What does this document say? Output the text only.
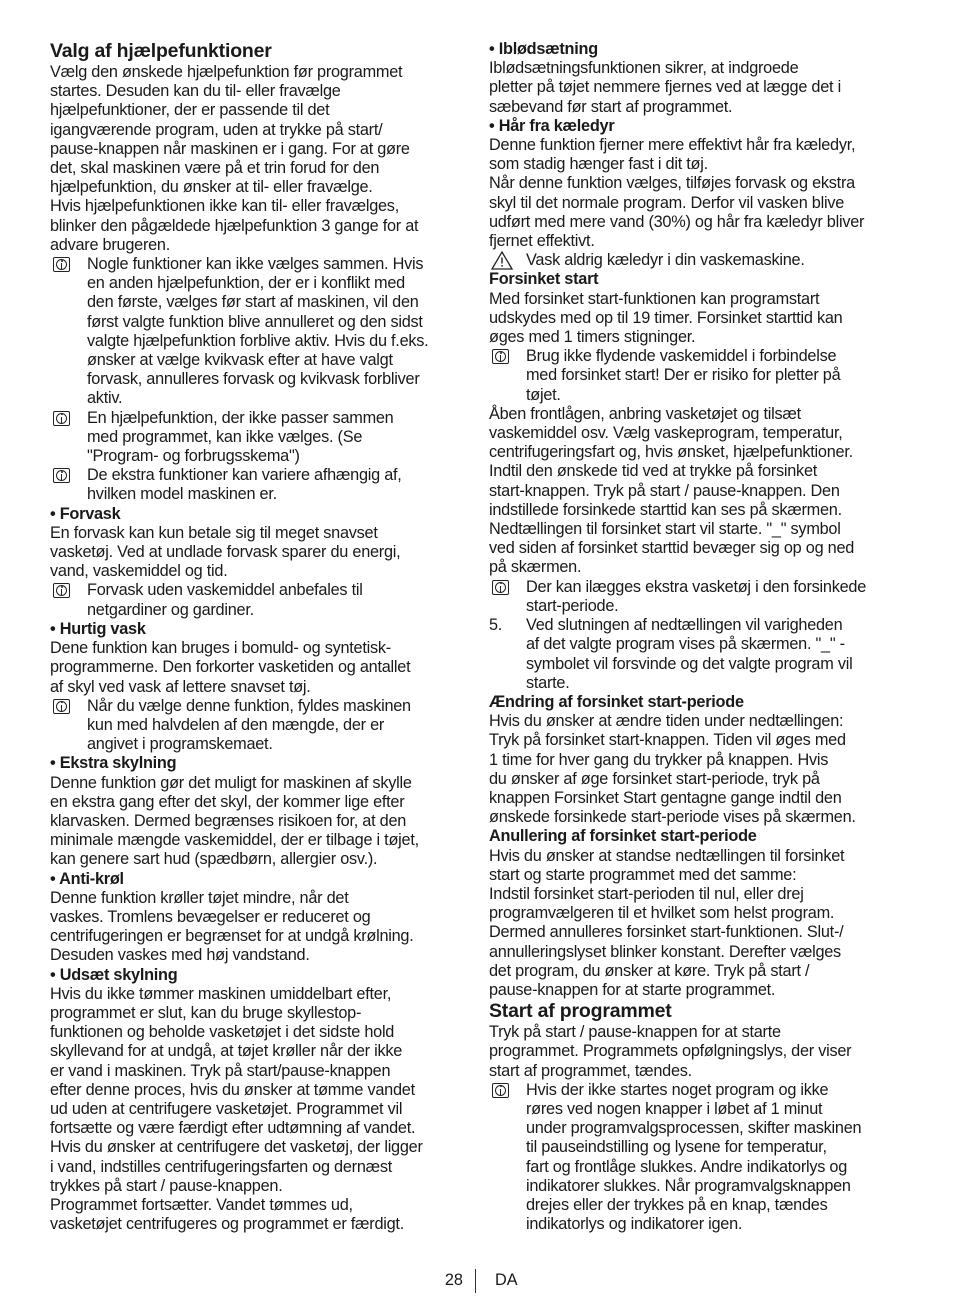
Valg af hjælpefunktioner

Vælg den ønskede hjælpefunktion før programmet
startes. Desuden kan du til- eller fravælge
hjælpefunktioner, der er passende til det
igangværende program, uden at trykke på start/
pause-knappen når maskinen er i gang. For at gøre
det, skal maskinen være på et trin forud for den
hjælpefunktion, du ønsker at til- eller fravælge.
Hvis hjælpefunktionen ikke kan til- eller fravælges,
blinker den pågældede hjælpefunktion 3 gange for at
advare brugeren.

Nogle funktioner kan ikke vælges sammen. Hvis
en anden hjælpefunktion, der er i konflikt med
den første, vælges før start af maskinen, vil den
først valgte funktion blive annulleret og den sidst
valgte hjælpefunktion forblive aktiv. Hvis du f.eks.
ønsker at vælge kvikvask efter at have valgt
forvask, annulleres forvask og kvikvask forbliver
aktiv.

En hjælpefunktion, der ikke passer sammen
med programmet, kan ikke vælges. (Se
"Program- og forbrugsskema")

De ekstra funktioner kan variere afhængig af,
hvilken model maskinen er.

• Forvask

En forvask kan kun betale sig til meget snavset
vasketøj. Ved at undlade forvask sparer du energi,
vand, vaskemiddel og tid.

Forvask uden vaskemiddel anbefales til
netgardiner og gardiner.

• Hurtig vask

Dene funktion kan bruges i bomuld- og syntetisk-
programmerne. Den forkorter vasketiden og antallet
af skyl ved vask af lettere snavset tøj.

Når du vælge denne funktion, fyldes maskinen
kun med halvdelen af den mængde, der er
angivet i programskemaet.

• Ekstra skylning

Denne funktion gør det muligt for maskinen af skylle
en ekstra gang efter det skyl, der kommer lige efter
klarvasken. Dermed begrænses risikoen for, at den
minimale mængde vaskemiddel, der er tilbage i tøjet,
kan genere sart hud (spædbørn, allergier osv.).

• Anti-krøl

Denne funktion krøller tøjet mindre, når det
vaskes. Tromlens bevægelser er reduceret og
centrifugeringen er begrænset for at undgå krølning.
Desuden vaskes med høj vandstand.

• Udsæt skylning

Hvis du ikke tømmer maskinen umiddelbart efter,
programmet er slut, kan du bruge skyllestop-
funktionen og beholde vasketøjet i det sidste hold
skyllevand for at undgå, at tøjet krøller når der ikke
er vand i maskinen. Tryk på start/pause-knappen
efter denne proces, hvis du ønsker at tømme vandet
ud uden at centrifugere vasketøjet. Programmet vil
fortsætte og være færdigt efter udtømning af vandet.
Hvis du ønsker at centrifugere det vasketøj, der ligger
i vand, indstilles centrifugeringsfarten og dernæst
trykkes på start / pause-knappen.
Programmet fortsætter. Vandet tømmes ud,
vasketøjet centrifugeres og programmet er færdigt.

• Iblødsætning

Iblødsætningsfunktionen sikrer, at indgroede
pletter på tøjet nemmere fjernes ved at lægge det i
sæbevand før start af programmet.

• Hår fra kæledyr

Denne funktion fjerner mere effektivt hår fra kæledyr,
som stadig hænger fast i dit tøj.
Når denne funktion vælges, tilføjes forvask og ekstra
skyl til det normale program. Derfor vil vasken blive
udført med mere vand (30%) og hår fra kæledyr bliver
fjernet effektivt.

Vask aldrig kæledyr i din vaskemaskine.

Forsinket start

Med forsinket start-funktionen kan programstart
udskydes med op til 19 timer. Forsinket starttid kan
øges med 1 timers stigninger.

Brug ikke flydende vaskemiddel i forbindelse
med forsinket start! Der er risiko for pletter på
tøjet.

Åben frontlågen, anbring vasketøjet og tilsæt
vaskemiddel osv. Vælg vaskeprogram, temperatur,
centrifugeringsfart og, hvis ønsket, hjælpefunktioner.
Indtil den ønskede tid ved at trykke på forsinket
start-knappen. Tryk på start / pause-knappen. Den
indstillede forsinkede starttid kan ses på skærmen.
Nedtællingen til forsinket start vil starte. "_" symbol
ved siden af forsinket starttid bevæger sig op og ned
på skærmen.

Der kan ilægges ekstra vasketøj i den forsinkede
start-periode.

5. Ved slutningen af nedtællingen vil varigheden
af det valgte program vises på skærmen. "_" -
symbolet vil forsvinde og det valgte program vil
starte.

Ændring af forsinket start-periode

Hvis du ønsker at ændre tiden under nedtællingen:
Tryk på forsinket start-knappen. Tiden vil øges med
1 time for hver gang du trykker på knappen. Hvis
du ønsker af øge forsinket start-periode, tryk på
knappen Forsinket Start gentagne gange indtil den
ønskede forsinkede start-periode vises på skærmen.

Anullering af forsinket start-periode

Hvis du ønsker at standse nedtællingen til forsinket
start og starte programmet med det samme:
Indstil forsinket start-perioden til nul, eller drej
programvælgeren til et hvilket som helst program.
Dermed annulleres forsinket start-funktionen. Slut-/
annulleringslyset blinker konstant. Derefter vælges
det program, du ønsker at køre. Tryk på start /
pause-knappen for at starte programmet.

Start af programmet

Tryk på start / pause-knappen for at starte
programmet. Programmets opfølgningslys, der viser
start af programmet, tændes.

Hvis der ikke startes noget program og ikke
røres ved nogen knapper i løbet af 1 minut
under programvalgsprocessen, skifter maskinen
til pauseindstilling og lysene for temperatur,
fart og frontlåge slukkes. Andre indikatorlys og
indikatorer slukkes. Når programvalgsknappen
drejes eller der trykkes på en knap, tændes
indikatorlys og indikatorer igen.

28 DA
